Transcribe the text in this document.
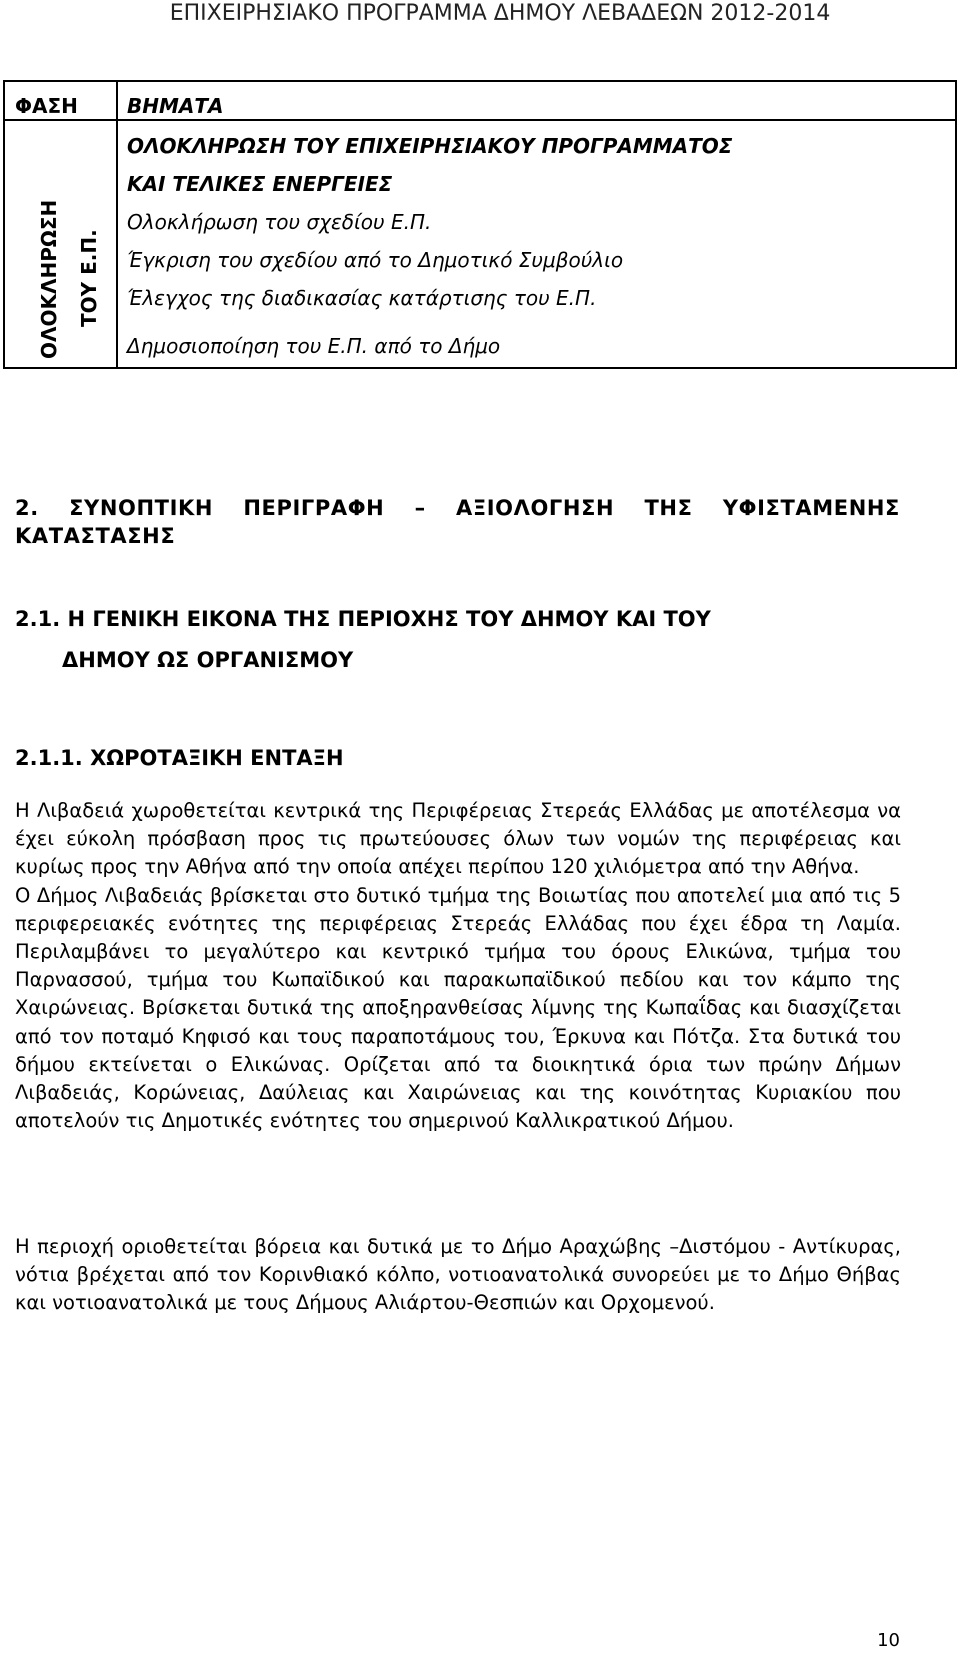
ΕΠΙΧΕΙΡΗΣΙΑΚΟ ΠΡΟΓΡΑΜΜΑ ΔΗΜΟΥ ΛΕΒΑΔΕΩΝ 2012-2014
ΦΑΣΗ ΒΗΜΑΤΑ
ΟΛΟΚΛΗΡΩΣΗ ΤΟΥ Ε.Π.
ΟΛΟΚΛΗΡΩΣΗ ΤΟΥ ΕΠΙΧΕΙΡΗΣΙΑΚΟΥ ΠΡΟΓΡΑΜΜΑΤΟΣ
ΚΑΙ ΤΕΛΙΚΕΣ ΕΝΕΡΓΕΙΕΣ
Ολοκλήρωση του σχεδίου Ε.Π.
Έγκριση του σχεδίου από το Δημοτικό Συμβούλιο
Έλεγχος της διαδικασίας κατάρτισης του Ε.Π.
Δημοσιοποίηση του Ε.Π. από το Δήμο
2. ΣΥΝΟΠΤΙΚΗ ΠΕΡΙΓΡΑΦΗ – ΑΞΙΟΛΟΓΗΣΗ ΤΗΣ ΥΦΙΣΤΑΜΕΝΗΣ
ΚΑΤΑΣΤΑΣΗΣ
2.1. Η ΓΕΝΙΚΗ ΕΙΚΟΝΑ ΤΗΣ ΠΕΡΙΟΧΗΣ ΤΟΥ ΔΗΜΟΥ ΚΑΙ ΤΟΥ
ΔΗΜΟΥ ΩΣ ΟΡΓΑΝΙΣΜΟΥ
2.1.1. ΧΩΡΟΤΑΞΙΚΗ ΕΝΤΑΞΗ
Η Λιβαδειά χωροθετείται κεντρικά της Περιφέρειας Στερεάς Ελλάδας με αποτέλεσμα να έχει εύκολη πρόσβαση προς τις πρωτεύουσες όλων των νομών της περιφέρειας και κυρίως προς την Αθήνα από την οποία απέχει περίπου 120 χιλιόμετρα από την Αθήνα.
Ο Δήμος Λιβαδειάς βρίσκεται στο δυτικό τμήμα της Βοιωτίας που αποτελεί μια από τις 5 περιφερειακές ενότητες της περιφέρειας Στερεάς Ελλάδας που έχει έδρα τη Λαμία. Περιλαμβάνει το μεγαλύτερο και κεντρικό τμήμα του όρους Ελικώνα, τμήμα του Παρνασσού, τμήμα του Κωπαϊδικού και παρακωπαϊδικού πεδίου και τον κάμπο της Χαιρώνειας. Βρίσκεται δυτικά της αποξηρανθείσας λίμνης της Κωπαΐδας και διασχίζεται από τον ποταμό Κηφισό και τους παραποτάμους του, Έρκυνα και Πότζα. Στα δυτικά του δήμου εκτείνεται ο Ελικώνας. Ορίζεται από τα διοικητικά όρια των πρώην Δήμων Λιβαδειάς, Κορώνειας, Δαύλειας και Χαιρώνειας και της κοινότητας Κυριακίου που αποτελούν τις Δημοτικές ενότητες του σημερινού Καλλικρατικού Δήμου.

Η περιοχή οριοθετείται βόρεια και δυτικά με το Δήμο Αραχώβης –Διστόμου - Αντίκυρας, νότια βρέχεται από τον Κορινθιακό κόλπο, νοτιοανατολικά συνορεύει με το Δήμο Θήβας και νοτιοανατολικά με τους Δήμους Αλιάρτου-Θεσπιών και Ορχομενού.

10
